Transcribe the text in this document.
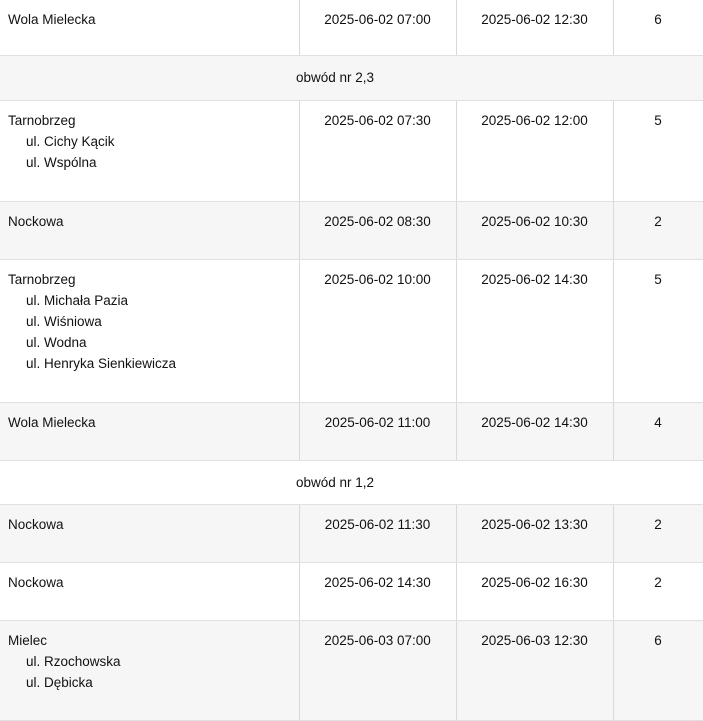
Wola Mielecka	2025-06-02 07:00	2025-06-02 12:30	6
obwód nr 2,3			

Tarnobrzeg
ul. Cichy Kącik
ul. Wspólna	2025-06-02 07:30	2025-06-02 12:00	5

Nockowa	2025-06-02 08:30	2025-06-02 10:30	2

Tarnobrzeg
ul. Michała Pazia
ul. Wiśniowa
ul. Wodna
ul. Henryka Sienkiewicza	2025-06-02 10:00	2025-06-02 14:30	5

Wola Mielecka	2025-06-02 11:00	2025-06-02 14:30	4
obwód nr 1,2			

Nockowa	2025-06-02 11:30	2025-06-02 13:30	2

Nockowa	2025-06-02 14:30	2025-06-02 16:30	2

Mielec
ul. Rzochowska
ul. Dębicka	2025-06-03 07:00	2025-06-03 12:30	6
